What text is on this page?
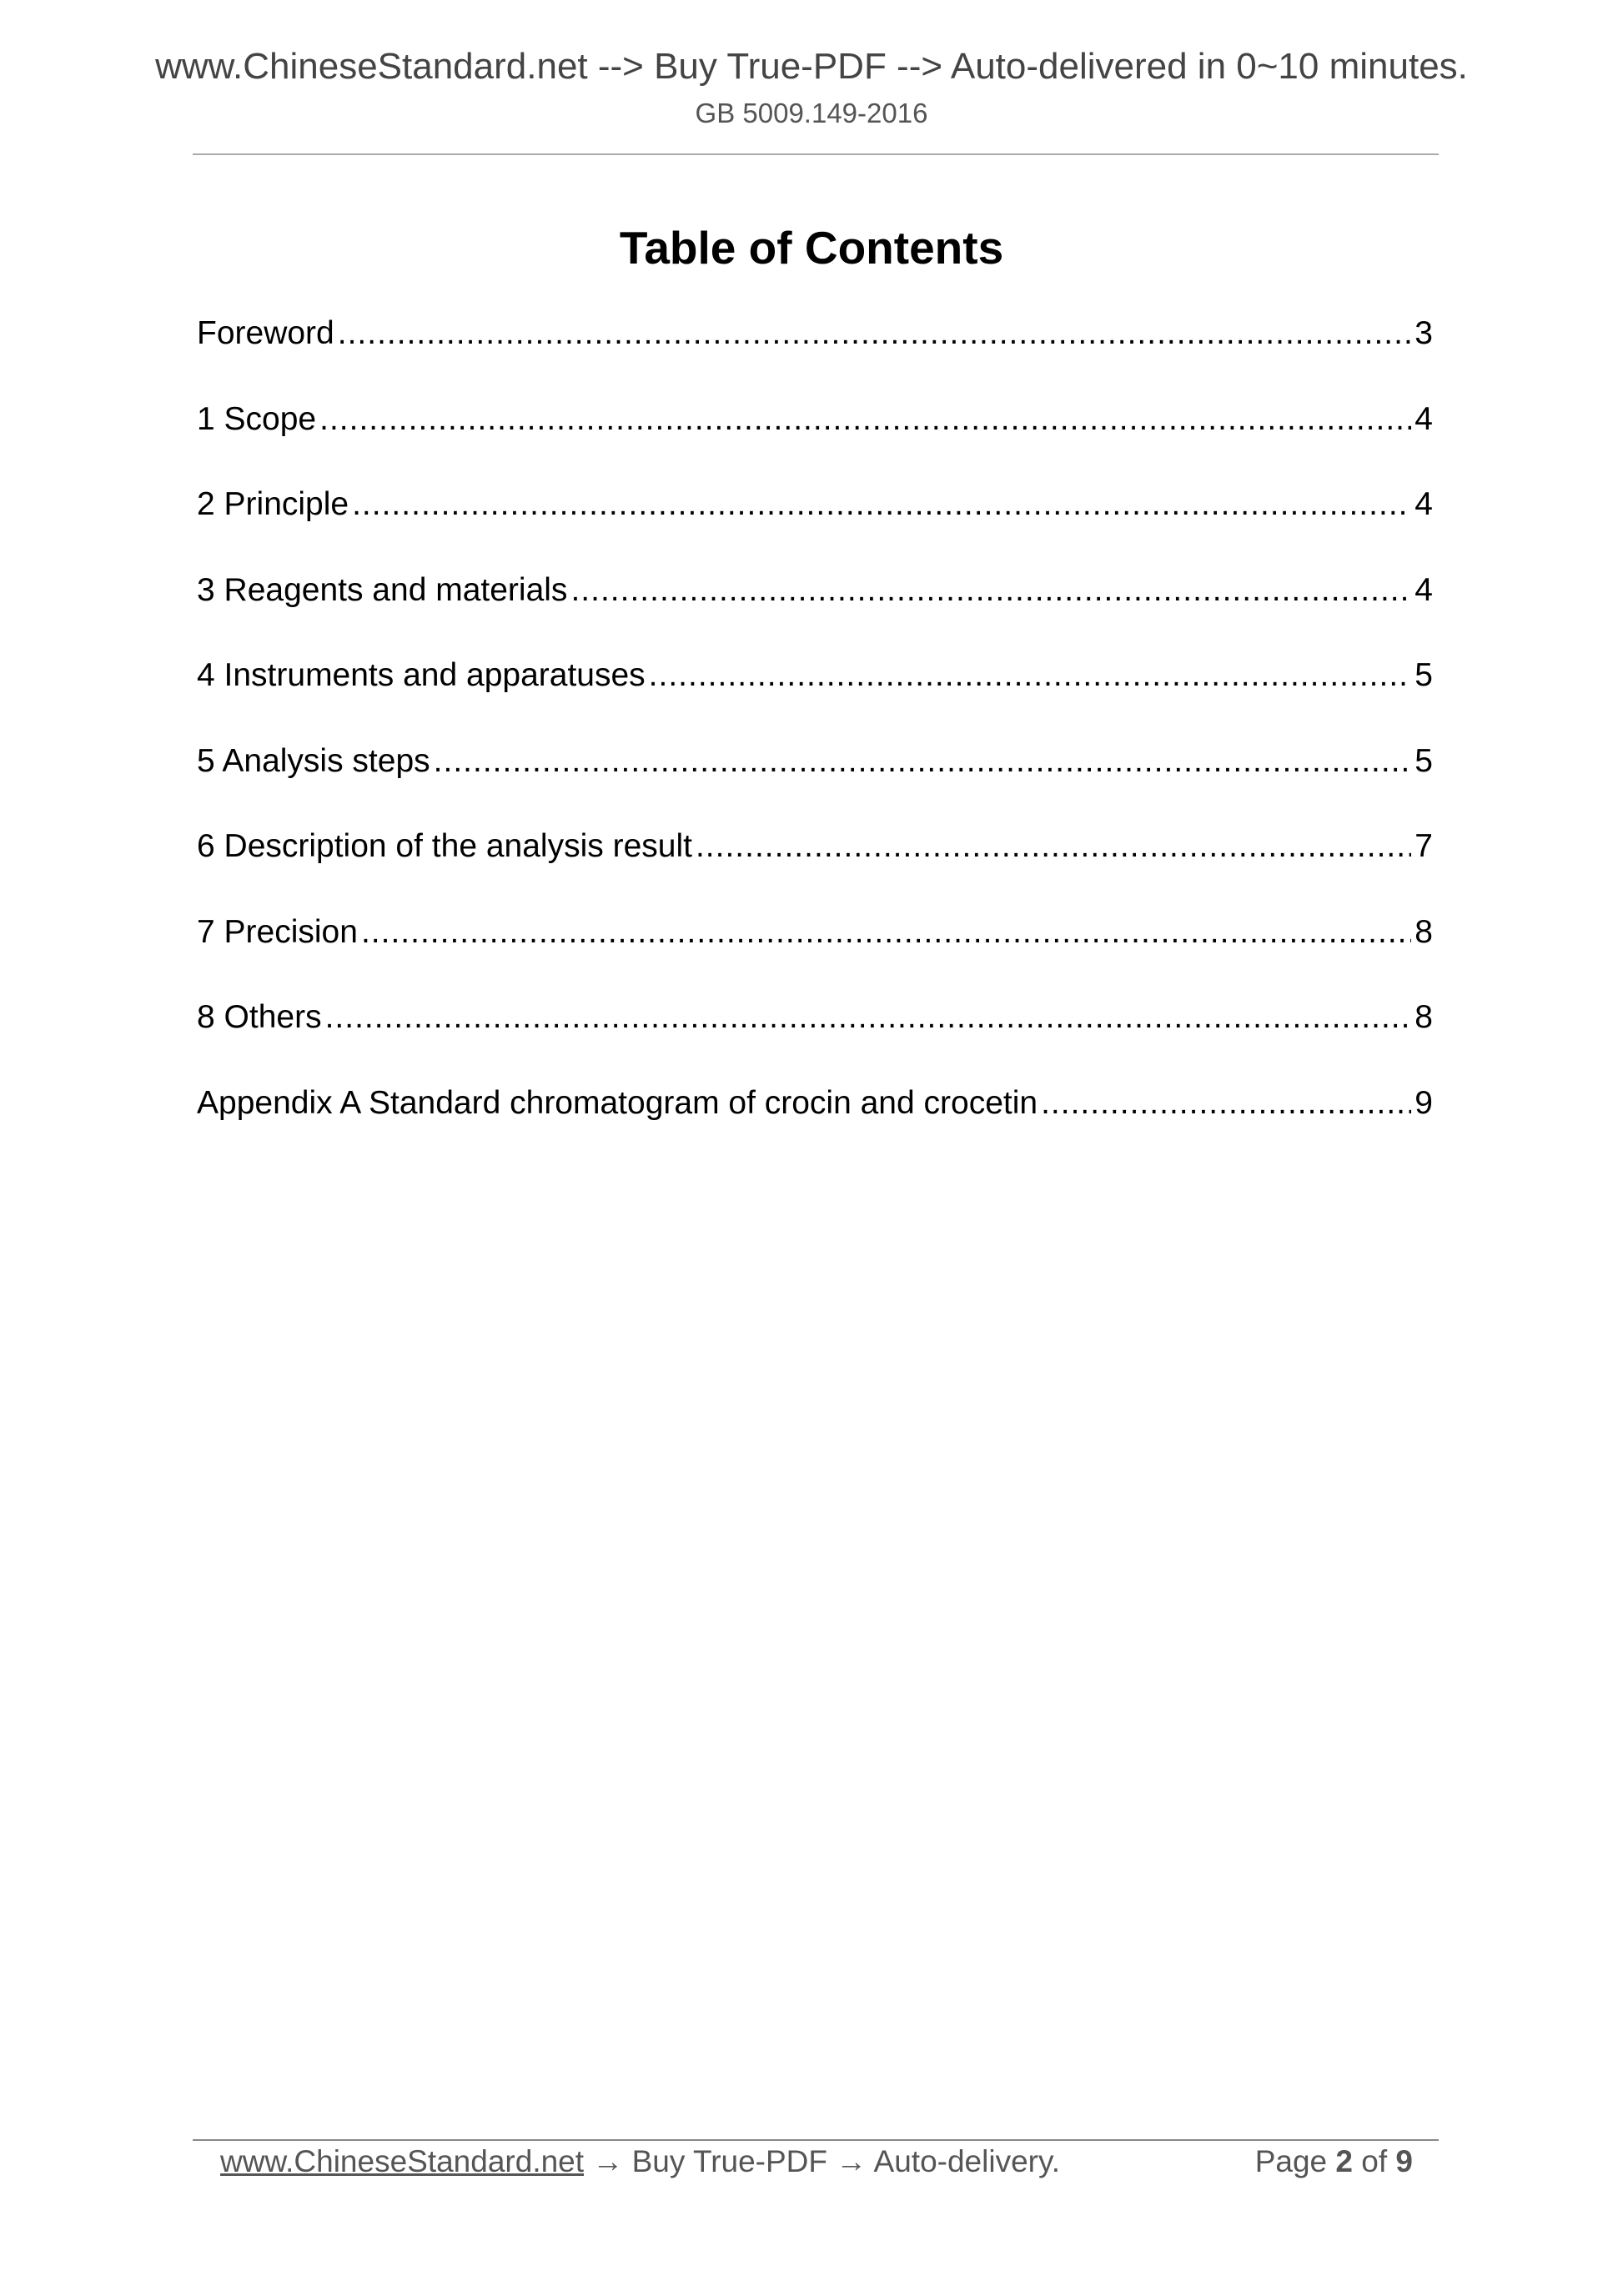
www.ChineseStandard.net --> Buy True-PDF --> Auto-delivered in 0~10 minutes.
GB 5009.149-2016
Table of Contents
Foreword .....	3
1 Scope .....	4
2 Principle .....	4
3 Reagents and materials .....	4
4 Instruments and apparatuses .....	5
5 Analysis steps .....	5
6 Description of the analysis result .....	7
7 Precision .....	8
8 Others .....	8
Appendix A Standard chromatogram of crocin and crocetin .....	9
www.ChineseStandard.net → Buy True-PDF → Auto-delivery.	Page 2 of 9
